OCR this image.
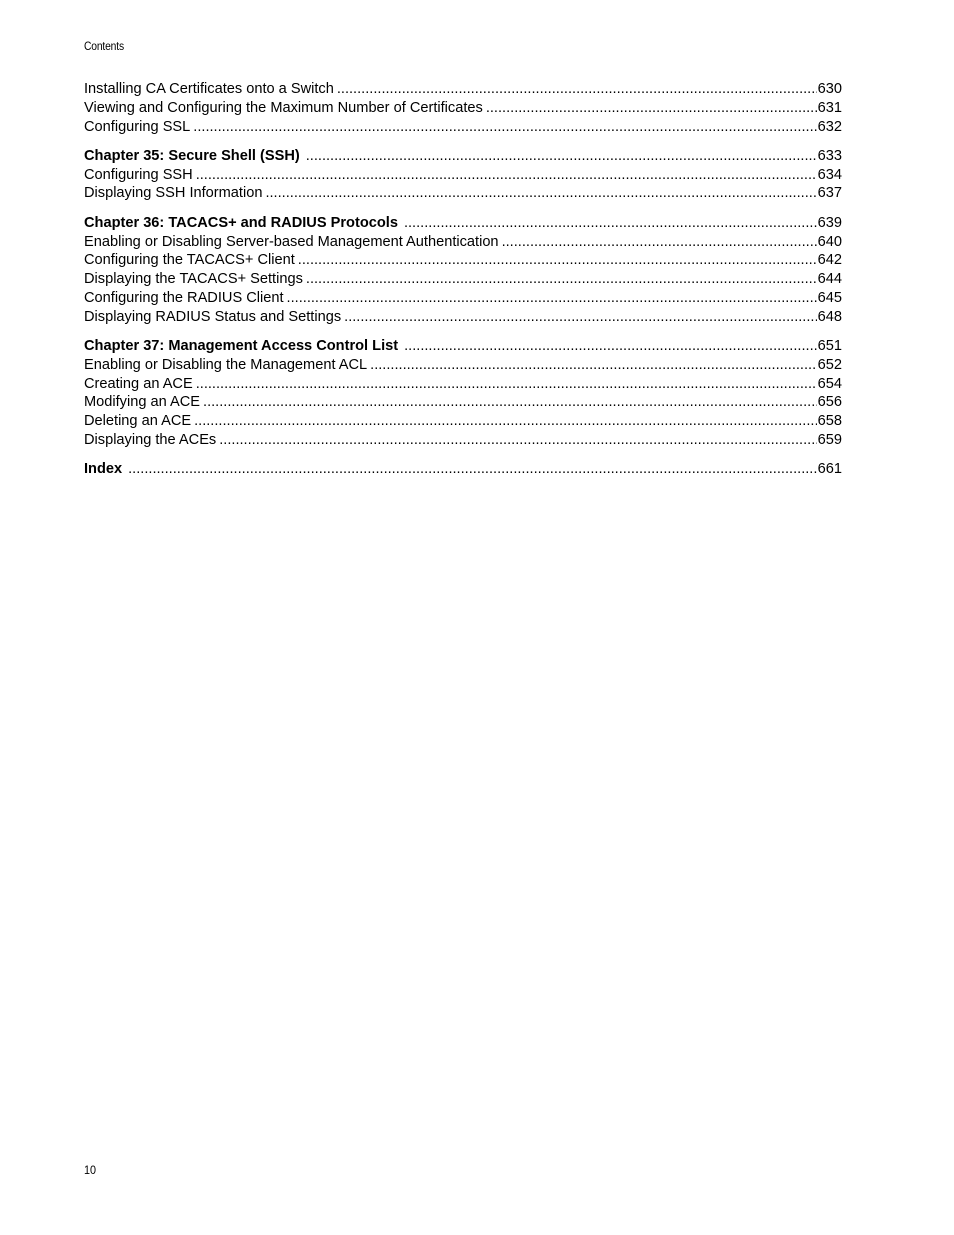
Contents
Installing CA Certificates onto a Switch .....	630
Viewing and Configuring the Maximum Number of Certificates .....	631
Configuring SSL .....	632
Chapter 35: Secure Shell (SSH) .....	633
Configuring SSH .....	634
Displaying SSH Information .....	637
Chapter 36: TACACS+ and RADIUS Protocols .....	639
Enabling or Disabling Server-based Management Authentication .....	640
Configuring the TACACS+ Client .....	642
Displaying the TACACS+ Settings .....	644
Configuring the RADIUS Client .....	645
Displaying RADIUS Status and Settings .....	648
Chapter 37: Management Access Control List .....	651
Enabling or Disabling the Management ACL .....	652
Creating an ACE .....	654
Modifying an ACE .....	656
Deleting an ACE .....	658
Displaying the ACEs .....	659
Index .....	661
10
